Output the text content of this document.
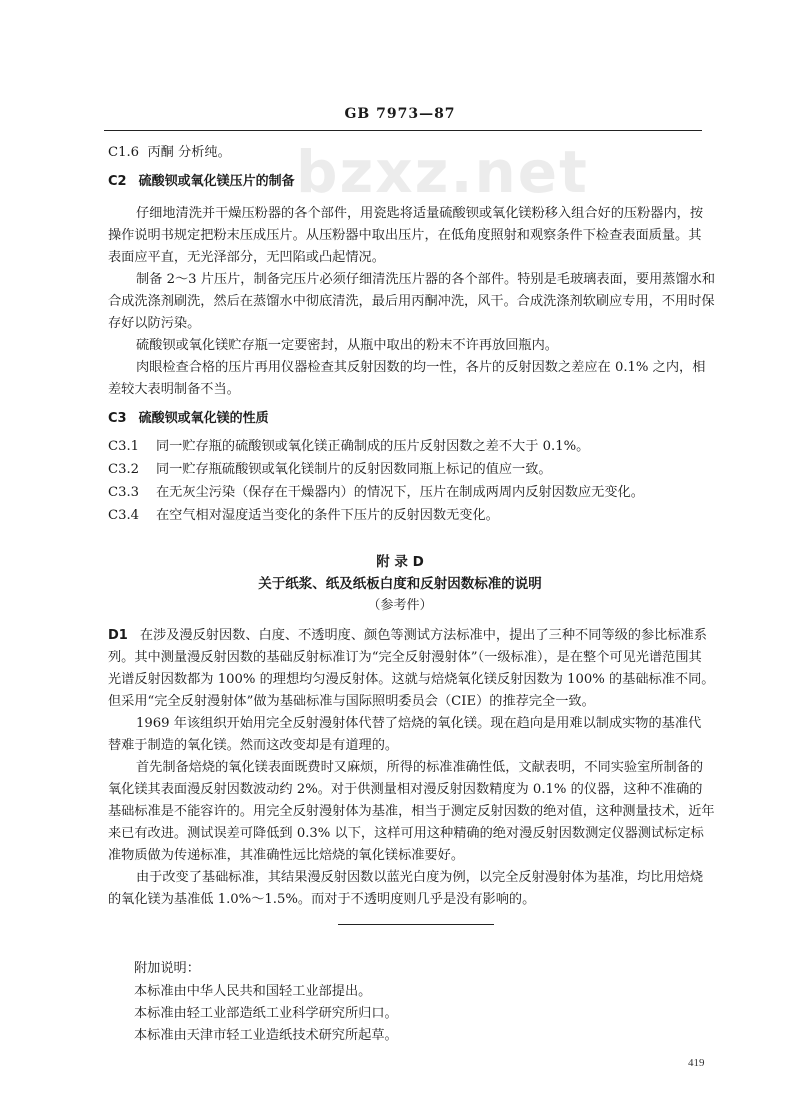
GB 7973—87
bzxz.net
C1.6 丙酮 分析纯。
C2 硫酸钡或氧化镁压片的制备
仔细地清洗并干燥压粉器的各个部件，用瓷匙将适量硫酸钡或氧化镁粉移入组合好的压粉器内，按
操作说明书规定把粉末压成压片。从压粉器中取出压片，在低角度照射和观察条件下检查表面质量。其
表面应平直，无光泽部分，无凹陷或凸起情况。
制备 2～3 片压片，制备完压片必须仔细清洗压片器的各个部件。特别是毛玻璃表面，要用蒸馏水和
合成洗涤剂刷洗，然后在蒸馏水中彻底清洗，最后用丙酮冲洗，风干。合成洗涤剂软刷应专用，不用时保
存好以防污染。
硫酸钡或氧化镁贮存瓶一定要密封，从瓶中取出的粉末不许再放回瓶内。
肉眼检查合格的压片再用仪器检查其反射因数的均一性，各片的反射因数之差应在 0.1% 之内，相
差较大表明制备不当。
C3 硫酸钡或氧化镁的性质
C3.1 同一贮存瓶的硫酸钡或氧化镁正确制成的压片反射因数之差不大于 0.1%。
C3.2 同一贮存瓶硫酸钡或氧化镁制片的反射因数同瓶上标记的值应一致。
C3.3 在无灰尘污染（保存在干燥器内）的情况下，压片在制成两周内反射因数应无变化。
C3.4 在空气相对湿度适当变化的条件下压片的反射因数无变化。
附 录 D
关于纸浆、纸及纸板白度和反射因数标准的说明
（参考件）
D1 在涉及漫反射因数、白度、不透明度、颜色等测试方法标准中，提出了三种不同等级的参比标准系
列。其中测量漫反射因数的基础反射标准订为“完全反射漫射体”（一级标准），是在整个可见光谱范围其
光谱反射因数都为 100% 的理想均匀漫反射体。这就与焙烧氧化镁反射因数为 100% 的基础标准不同。
但采用“完全反射漫射体”做为基础标准与国际照明委员会（CIE）的推荐完全一致。
1969 年该组织开始用完全反射漫射体代替了焙烧的氧化镁。现在趋向是用难以制成实物的基准代
替难于制造的氧化镁。然而这改变却是有道理的。
首先制备焙烧的氧化镁表面既费时又麻烦，所得的标准准确性低，文献表明，不同实验室所制备的
氧化镁其表面漫反射因数波动约 2%。对于供测量相对漫反射因数精度为 0.1% 的仪器，这种不准确的
基础标准是不能容许的。用完全反射漫射体为基准，相当于测定反射因数的绝对值，这种测量技术，近年
来已有改进。测试误差可降低到 0.3% 以下，这样可用这种精确的绝对漫反射因数测定仪器测试标定标
准物质做为传递标准，其准确性远比焙烧的氧化镁标准要好。
由于改变了基础标准，其结果漫反射因数以蓝光白度为例，以完全反射漫射体为基准，均比用焙烧
的氧化镁为基准低 1.0%～1.5%。而对于不透明度则几乎是没有影响的。
附加说明：
本标准由中华人民共和国轻工业部提出。
本标准由轻工业部造纸工业科学研究所归口。
本标准由天津市轻工业造纸技术研究所起草。
419
